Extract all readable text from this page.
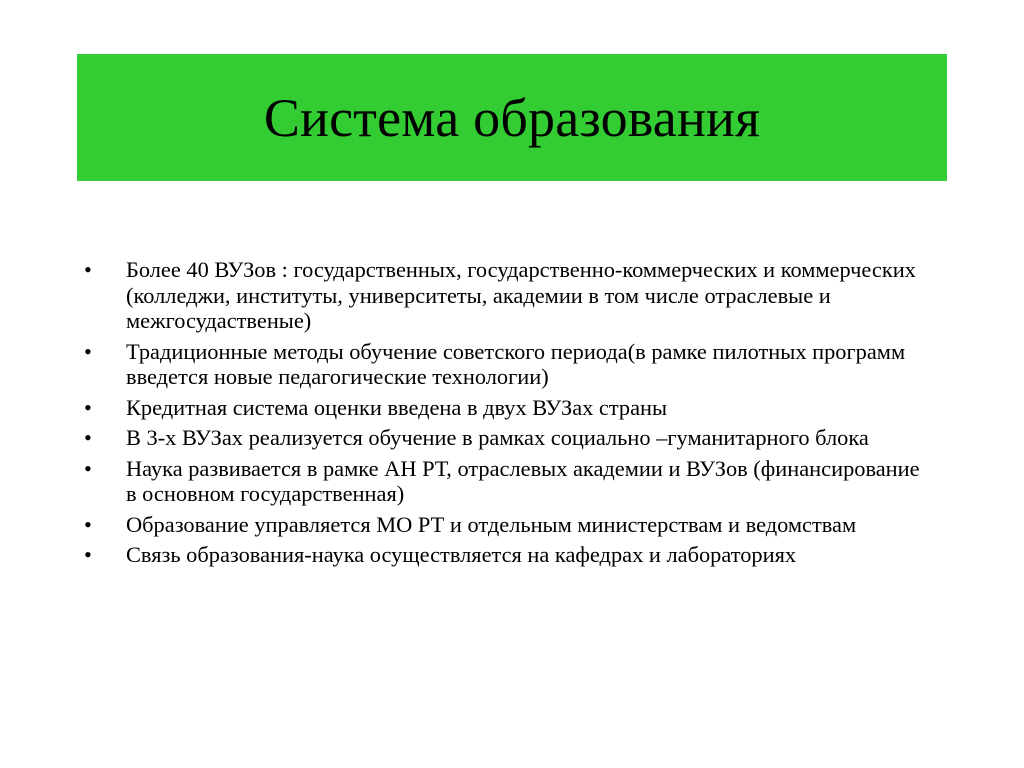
Система образования
•	Более 40 ВУЗов : государственных, государственно-коммерческих и коммерческих (колледжи, институты, университеты, академии в том числе отраслевые и межгосудаственые)
•	Традиционные методы обучение советского периода(в рамке пилотных программ введется новые педагогические технологии)
•	Кредитная система оценки введена в двух ВУЗах страны
•	В 3-х ВУЗах реализуется обучение в рамках социально –гуманитарного блока
•	Наука развивается в рамке АН РТ, отраслевых академии и ВУЗов (финансирование в основном государственная)
•	Образование управляется МО РТ и отдельным министерствам и ведомствам
•	Связь образования-наука осуществляется на кафедрах и лабораториях
